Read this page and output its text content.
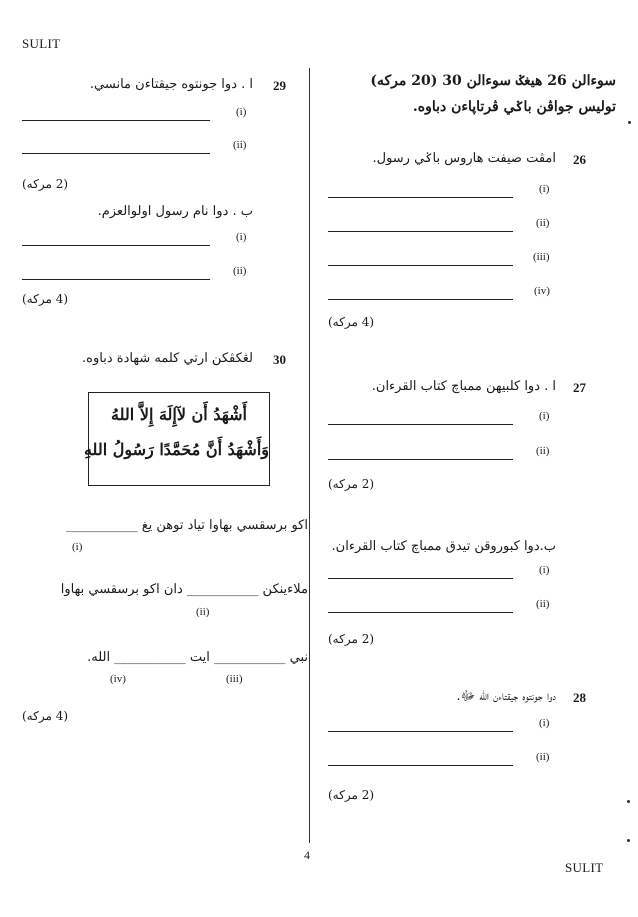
SULIT
سوءالن 26 هيغݢ سوءالن 30 (20 مركه)
توليس جواڤن باݢي ڤرتاپاءن دباوه.
26
امڤت صيفت هاروس باݢي رسول.
(i)
(ii)
(iii)
(iv)
(4 مركه)
27
ا . دوا كلبيهن ممباچ كتاب القرءان.
(i)
(ii)
(2 مركه)
ب.دوا كبوروقن تيدق ممباچ كتاب القرءان.
(i)
(ii)
(2 مركه)
28
دوا جونتوه جيقتاءن الله ﷻ.
(i)
(ii)
(2 مركه)
29
ا . دوا جونتوه جيقتاءن مانسي.
(i)
(ii)
(2 مركه)
ب . دوا نام رسول اولوالعزم.
(i)
(ii)
(4 مركه)
30
لڠكڤكن ارتي كلمه شهادة دباوه.
أَشْهَدُ أَن لآإِلَهَ إِلاَّ اللهُ
وَأَشْهَدُ أَنَّ مُحَمَّدًا رَسُولُ اللهِ
اکو برسقسي بهاوا تياد توهن يغ ___________
(i)
ملاءينكن ___________ دان اکو برسقسي بهاوا
(ii)
نبي ___________ ايت ___________ الله.
(iii)
(iv)
(4 مركه)
4
SULIT
